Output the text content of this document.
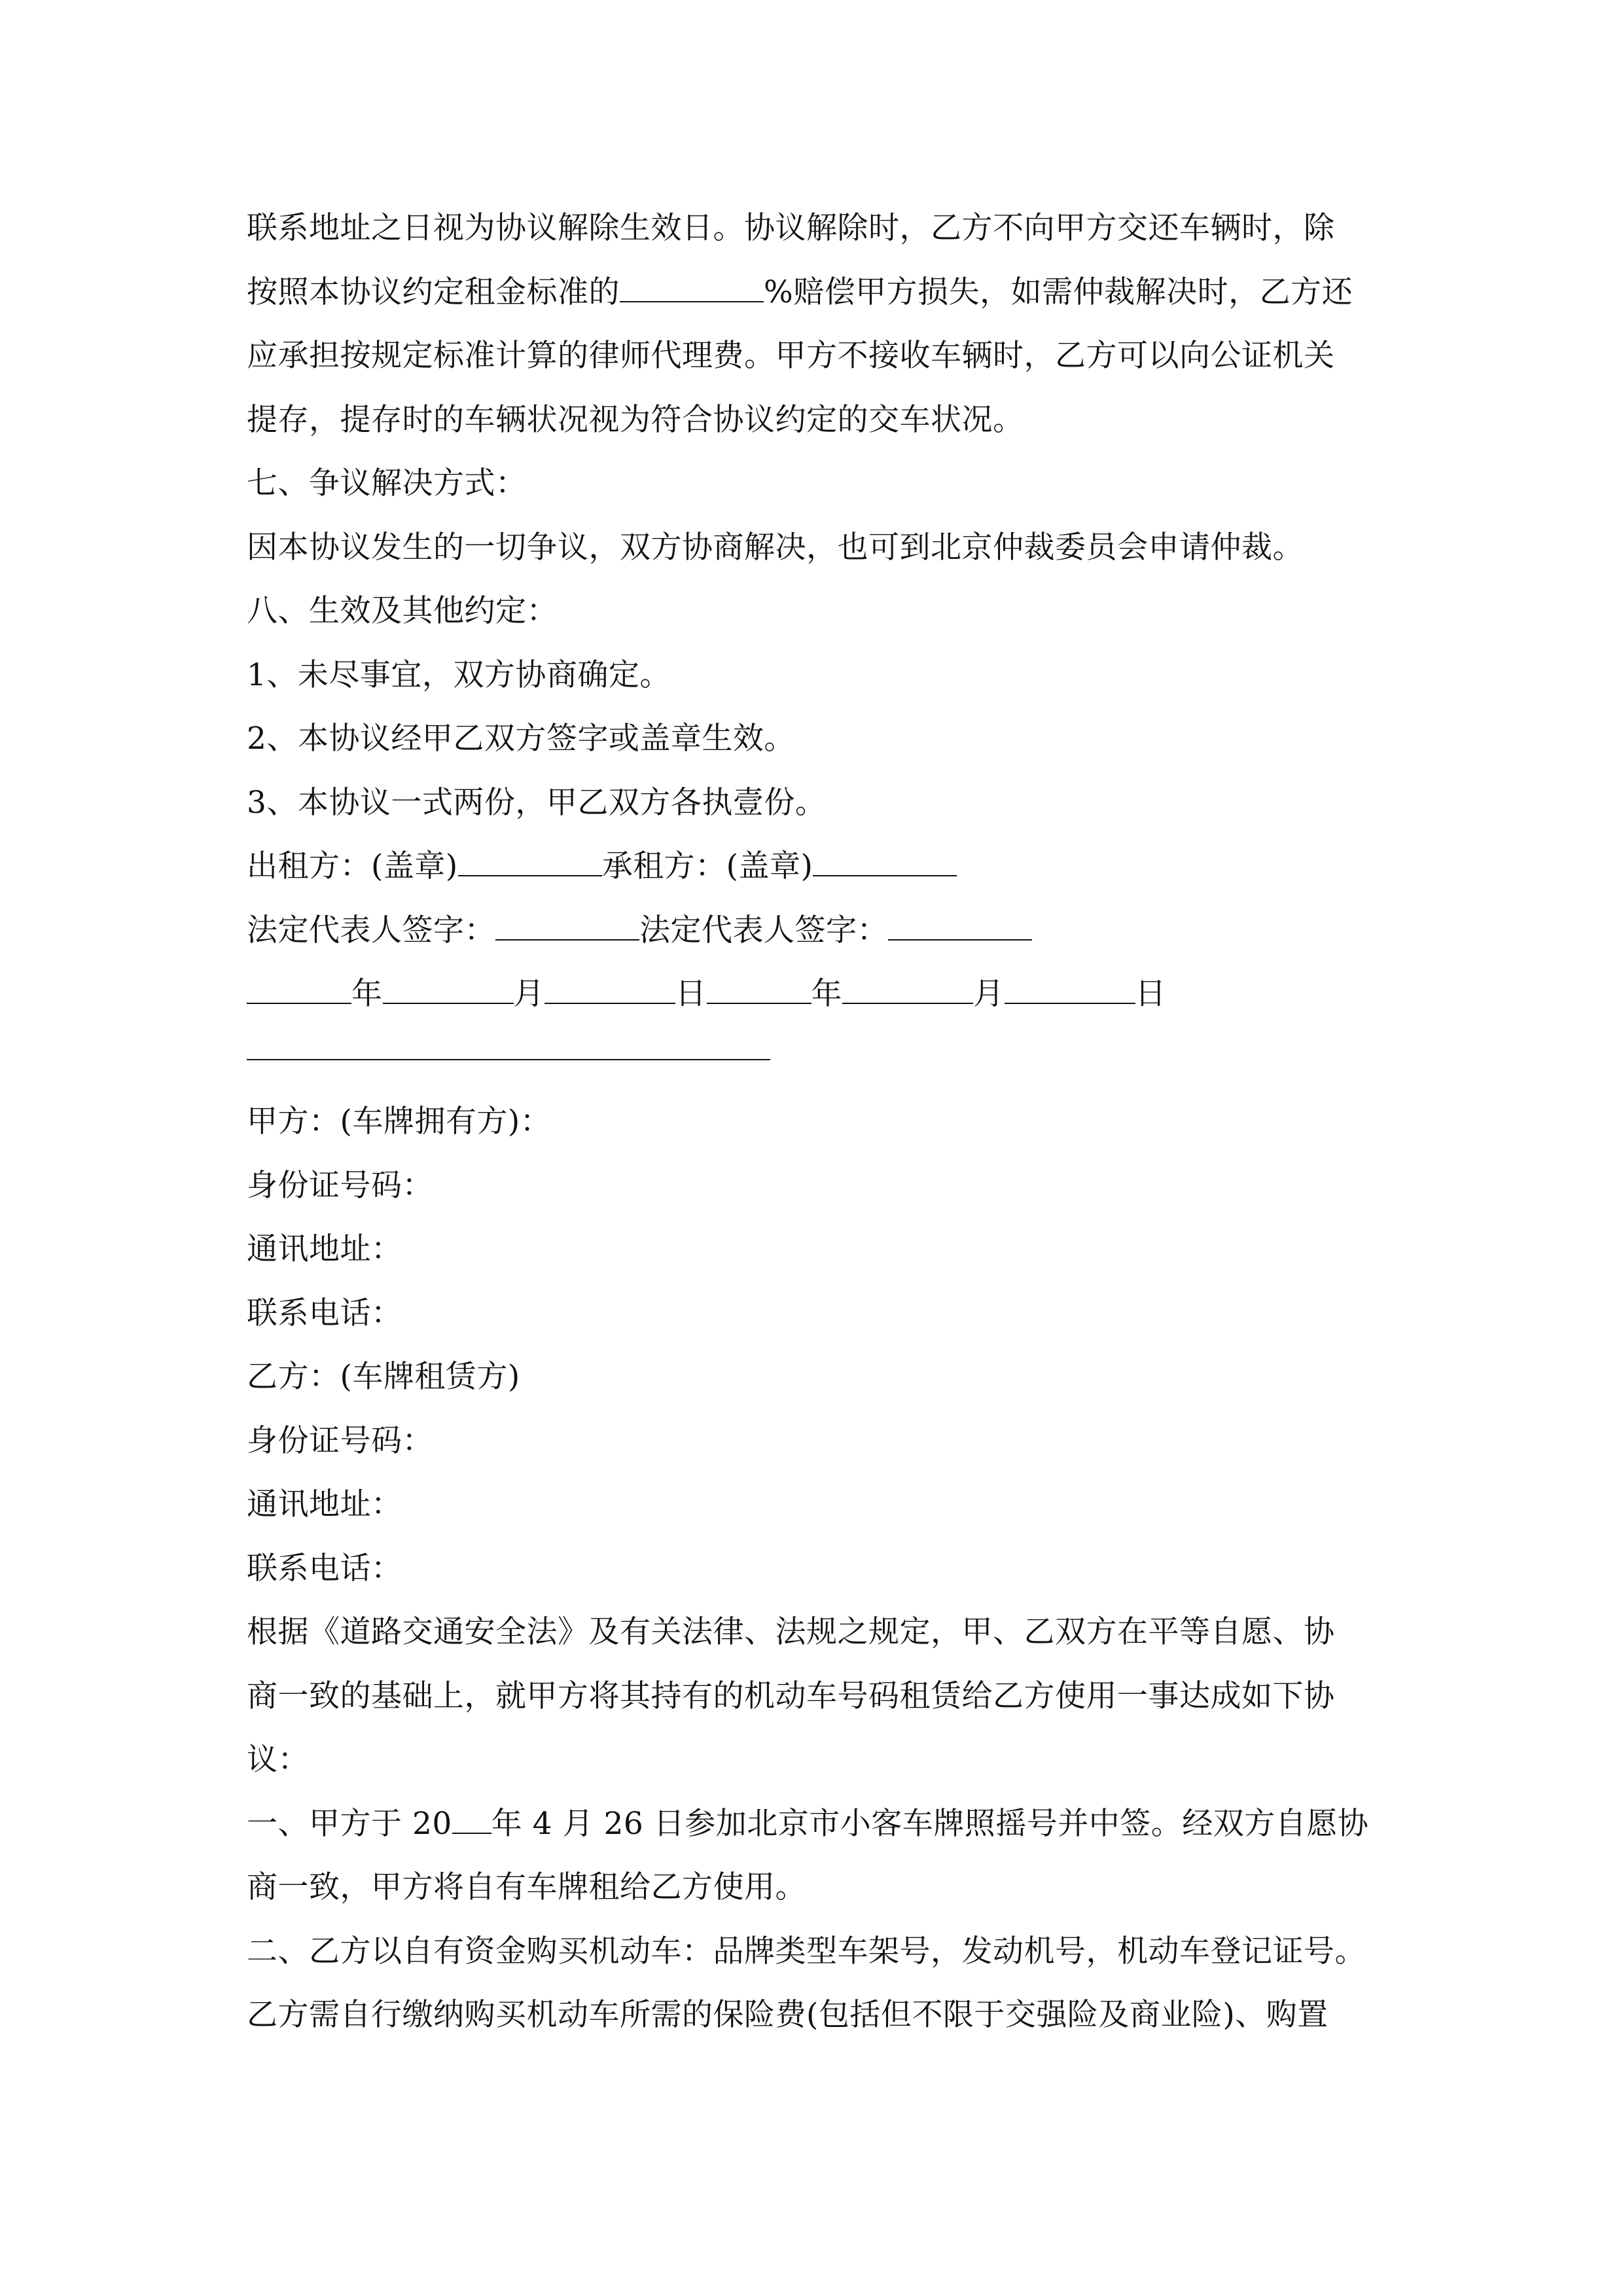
联系地址之日视为协议解除生效日。协议解除时，乙方不向甲方交还车辆时，除
按照本协议约定租金标准的	%赔偿甲方损失，如需仲裁解决时，乙方还
应承担按规定标准计算的律师代理费。甲方不接收车辆时，乙方可以向公证机关
提存，提存时的车辆状况视为符合协议约定的交车状况。
七、争议解决方式：
因本协议发生的一切争议，双方协商解决，也可到北京仲裁委员会申请仲裁。
八、生效及其他约定：
1、未尽事宜，双方协商确定。
2、本协议经甲乙双方签字或盖章生效。
3、本协议一式两份，甲乙双方各执壹份。
出租方：(盖章)	承租方：(盖章)
法定代表人签字：	法定代表人签字：
年	月	日	年	月	日
甲方：(车牌拥有方)：
身份证号码：
通讯地址：
联系电话：
乙方：(车牌租赁方)
身份证号码：
通讯地址：
联系电话：
根据《道路交通安全法》及有关法律、法规之规定，甲、乙双方在平等自愿、协
商一致的基础上，就甲方将其持有的机动车号码租赁给乙方使用一事达成如下协
议：
一、甲方于 20 年 4 月 26 日参加北京市小客车牌照摇号并中签。经双方自愿协
商一致，甲方将自有车牌租给乙方使用。
二、乙方以自有资金购买机动车：品牌类型车架号，发动机号，机动车登记证号。
乙方需自行缴纳购买机动车所需的保险费(包括但不限于交强险及商业险)、购置
